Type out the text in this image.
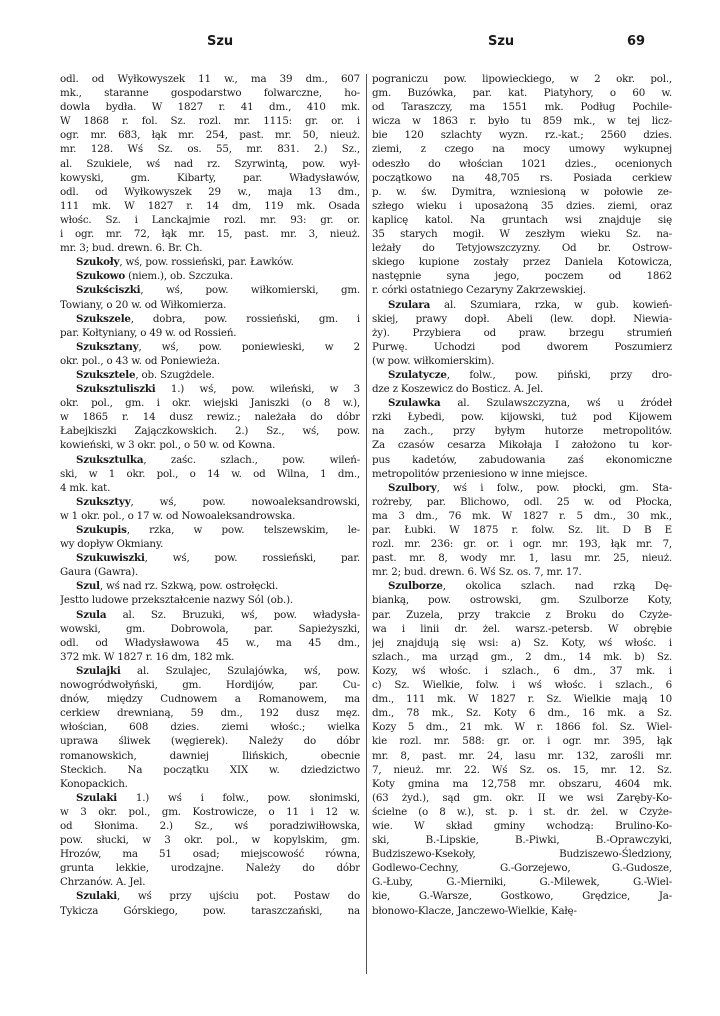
Szu	Szu	69
odl. od Wyłkowyszek 11 w., ma 39 dm., 607
mk., staranne gospodarstwo folwarczne, ho-
dowla bydła. W 1827 r. 41 dm., 410 mk.
W 1868 r. fol. Sz. rozl. mr. 1115: gr. or. i
ogr. mr. 683, łąk mr. 254, past. mr. 50, nieuż.
mr. 128. Wś Sz. os. 55, mr. 831. 2.) Sz.,
al. Szukiele, wś nad rz. Szyrwintą, pow. wył-
kowyski, gm. Kibarty, par. Władysławów,
odl. od Wyłkowyszek 29 w., maja 13 dm.,
111 mk. W 1827 r. 14 dm, 119 mk. Osada
włośc. Sz. i Lanckajmie rozl. mr. 93: gr. or.
i ogr. mr. 72, łąk mr. 15, past. mr. 3, nieuż.
mr. 3; bud. drewn. 6. Br. Ch.
Szukoły, wś, pow. rossieński, par. Ławków.
Szukowo (niem.), ob. Szczuka.
Szukściszki, wś, pow. wiłkomierski, gm.
Towiany, o 20 w. od Wiłkomierza.
Szukszele, dobra, pow. rossieński, gm. i
par. Kołtyniany, o 49 w. od Rossień.
Szuksztany, wś, pow. poniewieski, w 2
okr. pol., o 43 w. od Poniewieża.
Szuksztele, ob. Szugżdele.
Szuksztuliszki 1.) wś, pow. wileński, w 3
okr. pol., gm. i okr. wiejski Janiszki (o 8 w.),
w 1865 r. 14 dusz rewiz.; należała do dóbr
Łabejkiszki Zajączkowskich. 2.) Sz., wś, pow.
kowieński, w 3 okr. pol., o 50 w. od Kowna.
Szuksztulka, zaśc. szlach., pow. wileń-
ski, w 1 okr. pol., o 14 w. od Wilna, 1 dm.,
4 mk. kat.
Szuksztyy, wś, pow. nowoaleksandrowski,
w 1 okr. pol., o 17 w. od Nowoaleksandrowska.
Szukupis, rzka, w pow. telszewskim, le-
wy dopływ Okmiany.
Szukuwiszki, wś, pow. rossieński, par.
Gaura (Gawra).
Szul, wś nad rz. Szkwą, pow. ostrołęcki.
Jestto ludowe przekształcenie nazwy Sól (ob.).
Szula al. Sz. Bruzuki, wś, pow. władysła-
wowski, gm. Dobrowola, par. Sapieżyszki,
odl. od Władysławowa 45 w., ma 45 dm.,
372 mk. W 1827 r. 16 dm, 182 mk.
Szulajki al. Szulajec, Szulajówka, wś, pow.
nowogródwołyński, gm. Hordijów, par. Cu-
dnów, między Cudnowem a Romanowem, ma
cerkiew drewnianą, 59 dm., 192 dusz męz.
włościan, 608 dzies. ziemi włośc.; wielka
uprawa śliwek (węgierek). Należy do dóbr
romanowskich, dawniej Ilińskich, obecnie
Steckich. Na początku XIX w. dziedzictwo
Konopackich.
Szulaki 1.) wś i folw., pow. słonimski,
w 3 okr. pol., gm. Kostrowicze, o 11 i 12 w.
od Słonima. 2.) Sz., wś poradziwiłłowska,
pow. słucki, w 3 okr. pol., w kopylskim, gm.
Hrozów, ma 51 osad; miejscowość równa,
grunta lekkie, urodzajne. Należy do dóbr
Chrzanów. A. Jel.
Szulaki, wś przy ujściu pot. Postaw do
Tykicza Górskiego, pow. taraszczański, na
pograniczu pow. lipowieckiego, w 2 okr. pol.,
gm. Buzówka, par. kat. Piatyhory, o 60 w.
od Taraszczy, ma 1551 mk. Podług Pochile-
wicza w 1863 r. było tu 859 mk., w tej licz-
bie 120 szlachty wyzn. rz.-kat.; 2560 dzies.
ziemi, z czego na mocy umowy wykupnej
odeszło do włościan 1021 dzies., ocenionych
początkowo na 48,705 rs. Posiada cerkiew
p. w. św. Dymitra, wzniesioną w połowie ze-
szłego wieku i uposażoną 35 dzies. ziemi, oraz
kaplicę katol. Na gruntach wsi znajduje się
35 starych mogił. W zeszłym wieku Sz. na-
leżały do Tetyjowszczyzny. Od br. Ostrow-
skiego kupione zostały przez Daniela Kotowicza,
następnie syna jego, poczem od 1862
r. córki ostatniego Cezaryny Zakrzewskiej.
Szulara al. Szumiara, rzka, w gub. kowień-
skiej, prawy dopł. Abeli (lew. dopł. Niewia-
ży). Przybiera od praw. brzegu strumień
Purwę. Uchodzi pod dworem Poszumierz
(w pow. wiłkomierskim).
Szulatycze, folw., pow. piński, przy dro-
dze z Koszewicz do Bosticz. A. Jel.
Szulawka al. Szulawszczyzna, wś u źródeł
rzki Łybedi, pow. kijowski, tuż pod Kijowem
na zach., przy byłym hutorze metropolitów.
Za czasów cesarza Mikołaja I założono tu kor-
pus kadetów, zabudowania zaś ekonomiczne
metropolitów przeniesiono w inne miejsce.
Szulbory, wś i folw., pow. płocki, gm. Sta-
rożreby, par. Blichowo, odl. 25 w. od Płocka,
ma 3 dm., 76 mk. W 1827 r. 5 dm., 30 mk.,
par. Łubki. W 1875 r. folw. Sz. lit. D B E
rozl. mr. 236: gr. or. i ogr. mr. 193, łąk mr. 7,
past. mr. 8, wody mr. 1, lasu mr. 25, nieuż.
mr. 2; bud. drewn. 6. Wś Sz. os. 7, mr. 17.
Szulborze, okolica szlach. nad rzką Dę-
bianką, pow. ostrowski, gm. Szulborze Koty,
par. Zuzela, przy trakcie z Broku do Czyże-
wa i linii dr. żel. warsz.-petersb. W obrębie
jej znajdują się wsi: a) Sz. Koty, wś włośc. i
szlach., ma urząd gm., 2 dm., 14 mk. b) Sz.
Kozy, wś włośc. i szlach., 6 dm., 37 mk. i
c) Sz. Wielkie, folw. i wś włośc. i szlach., 6
dm., 111 mk. W 1827 r. Sz. Wielkie mają 10
dm., 78 mk., Sz. Koty 6 dm., 16 mk. a Sz.
Kozy 5 dm., 21 mk. W r. 1866 fol. Sz. Wiel-
kie rozl. mr. 588: gr. or. i ogr. mr. 395, łąk
mr. 8, past. mr. 24, lasu mr. 132, zarośli mr.
7, nieuż. mr. 22. Wś Sz. os. 15, mr. 12. Sz.
Koty gmina ma 12,758 mr. obszaru, 4604 mk.
(63 żyd.), sąd gm. okr. II we wsi Zaręby-Ko-
ścielne (o 8 w.), st. p. i st. dr. żel. w Czyże-
wie. W skład gminy wchodzą: Brulino-Ko-
ski, B.-Lipskie, B.-Piwki, B.-Oprawczyki,
Budziszewo-Ksekoły, Budziszewo-Śledziony,
Godlewo-Cechny, G.-Gorzejewo, G.-Gudosze,
G.-Łuby, G.-Mierniki, G.-Milewek, G.-Wiel-
kie, G.-Warsze, Gostkowo, Grędzice, Ja-
błonowo-Klacze, Janczewo-Wielkie, Kałę-
